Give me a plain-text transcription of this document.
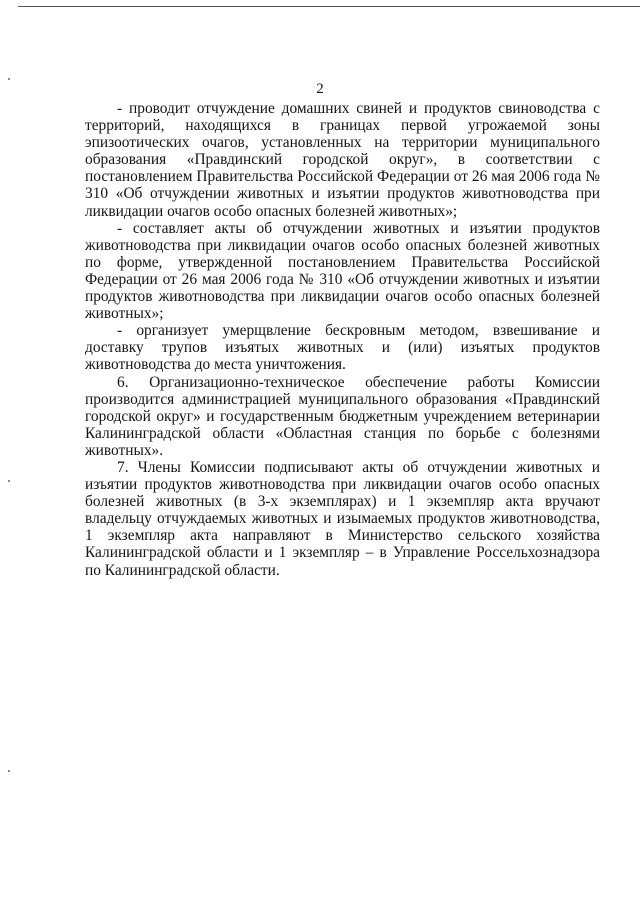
2

- проводит отчуждение домашних свиней и продуктов свиноводства с территорий, находящихся в границах первой угрожаемой зоны эпизоотических очагов, установленных на территории муниципального образования «Правдинский городской округ», в соответствии с постановлением Правительства Российской Федерации от 26 мая 2006 года № 310 «Об отчуждении животных и изъятии продуктов животноводства при ликвидации очагов особо опасных болезней животных»;

- составляет акты об отчуждении животных и изъятии продуктов животноводства при ликвидации очагов особо опасных болезней животных по форме, утвержденной постановлением Правительства Российской Федерации от 26 мая 2006 года № 310 «Об отчуждении животных и изъятии продуктов животноводства при ликвидации очагов особо опасных болезней животных»;

- организует умерщвление бескровным методом, взвешивание и доставку трупов изъятых животных и (или) изъятых продуктов животноводства до места уничтожения.

6. Организационно-техническое обеспечение работы Комиссии производится администрацией муниципального образования «Правдинский городской округ» и государственным бюджетным учреждением ветеринарии Калининградской области «Областная станция по борьбе с болезнями животных».

7. Члены Комиссии подписывают акты об отчуждении животных и изъятии продуктов животноводства при ликвидации очагов особо опасных болезней животных (в 3-х экземплярах) и 1 экземпляр акта вручают владельцу отчуждаемых животных и изымаемых продуктов животноводства, 1 экземпляр акта направляют в Министерство сельского хозяйства Калининградской области и 1 экземпляр – в Управление Россельхознадзора по Калининградской области.
